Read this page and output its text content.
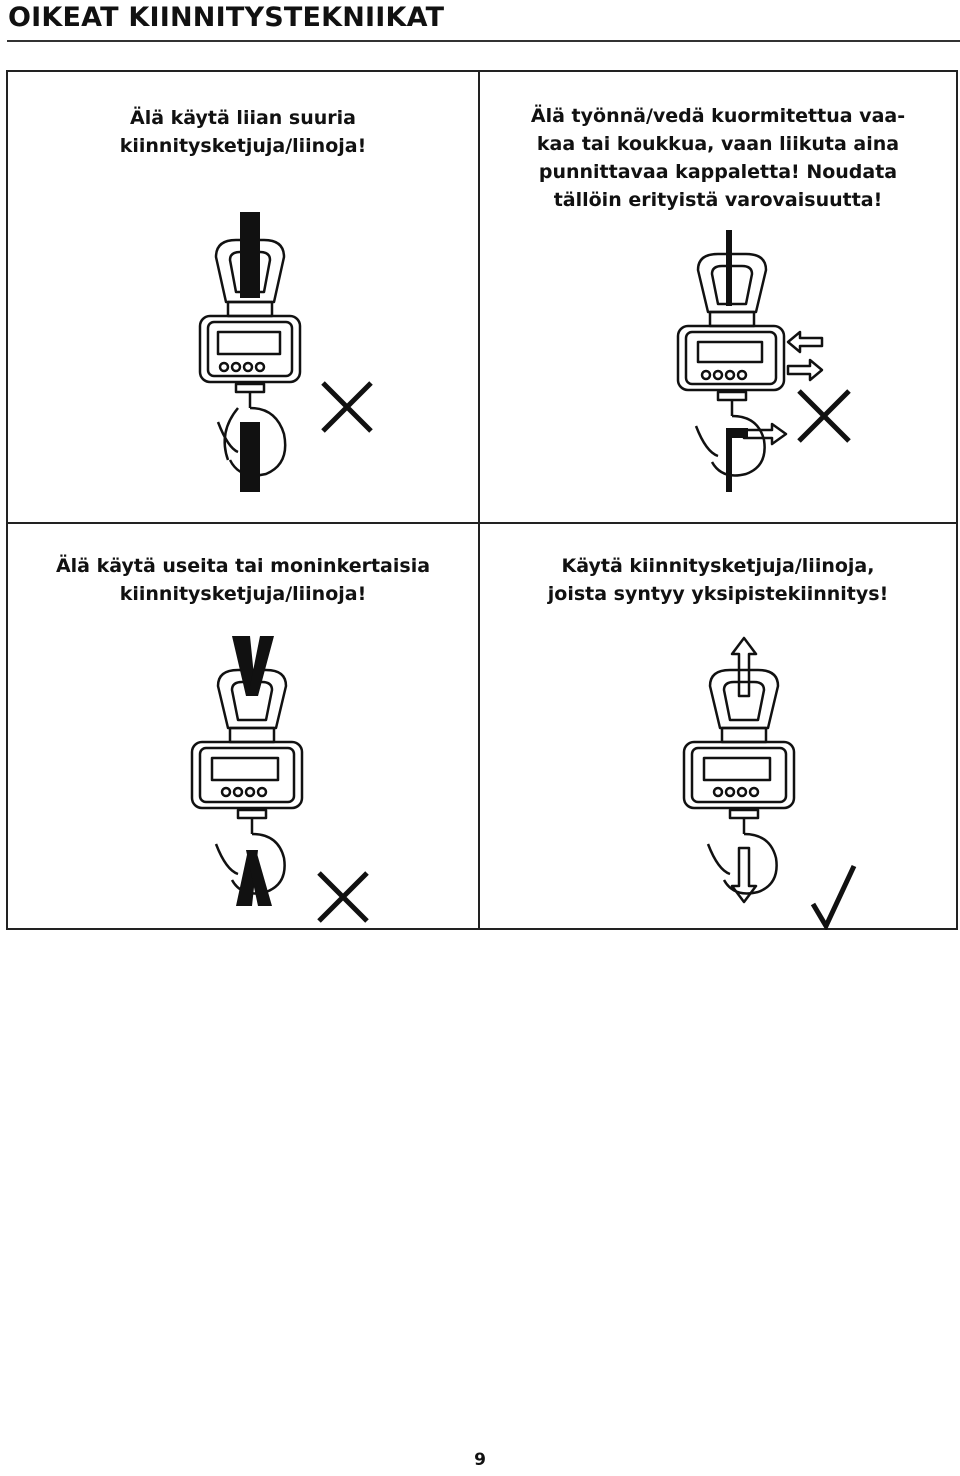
OIKEAT KIINNITYSTEKNIIKAT

Älä käytä liian suuria
kiinnitysketjuja/liinoja!

Älä työnnä/vedä kuormitettua vaa-
kaa tai koukkua, vaan liikuta aina
punnittavaa kappaletta! Noudata
tällöin erityistä varovaisuutta!

Älä käytä useita tai moninkertaisia
kiinnitysketjuja/liinoja!

Käytä kiinnitysketjuja/liinoja,
joista syntyy yksipistekiinnitys!

9
